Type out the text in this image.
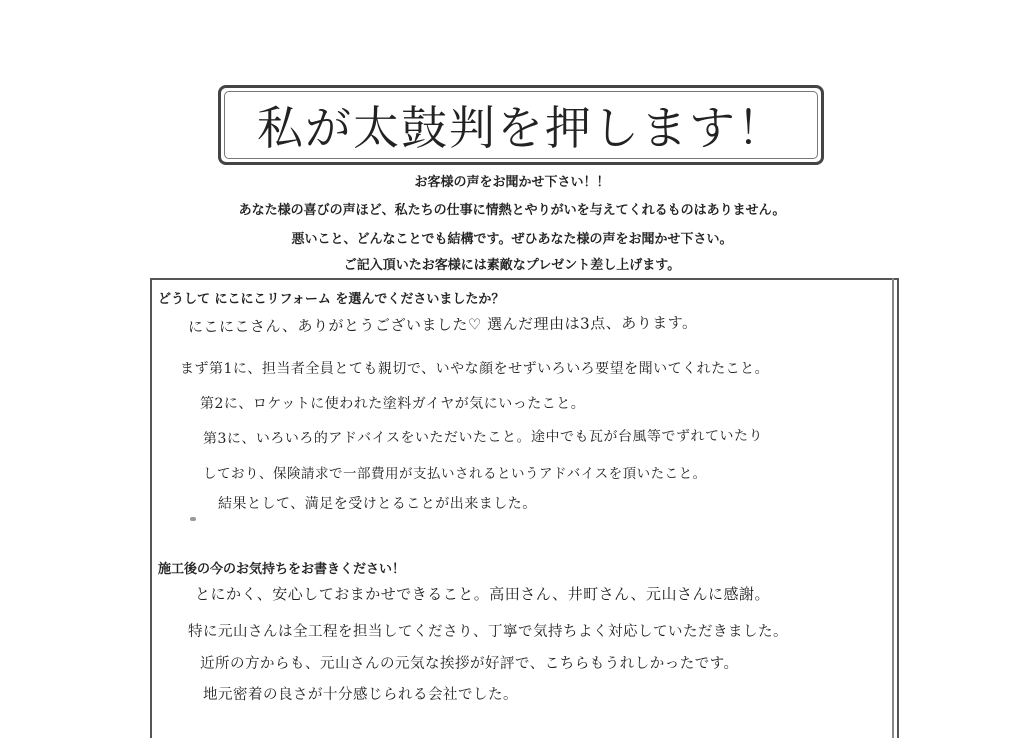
私が太鼓判を押します！

お客様の声をお聞かせ下さい！！

あなた様の喜びの声ほど、私たちの仕事に情熱とやりがいを与えてくれるものはありません。

悪いこと、どんなことでも結構です。ぜひあなた様の声をお聞かせ下さい。

ご記入頂いたお客様には素敵なプレゼント差し上げます。

どうして にこにこリフォーム を選んでくださいましたか？

にこにこさん、ありがとうございました♡ 選んだ理由は3点、あります。

まず第1に、担当者全員とても親切で、いやな顔をせずいろいろ要望を聞いてくれたこと。

第2に、ロケットに使われた塗料ガイヤが気にいったこと。

第3に、いろいろ的アドバイスをいただいたこと。途中でも瓦が台風等でずれていたり

しており、保険請求で一部費用が支払いされるというアドバイスを頂いたこと。

結果として、満足を受けとることが出来ました。

施工後の今のお気持ちをお書きください！

とにかく、安心しておまかせできること。高田さん、井町さん、元山さんに感謝。

特に元山さんは全工程を担当してくださり、丁寧で気持ちよく対応していただきました。

近所の方からも、元山さんの元気な挨拶が好評で、こちらもうれしかったです。

地元密着の良さが十分感じられる会社でした。
